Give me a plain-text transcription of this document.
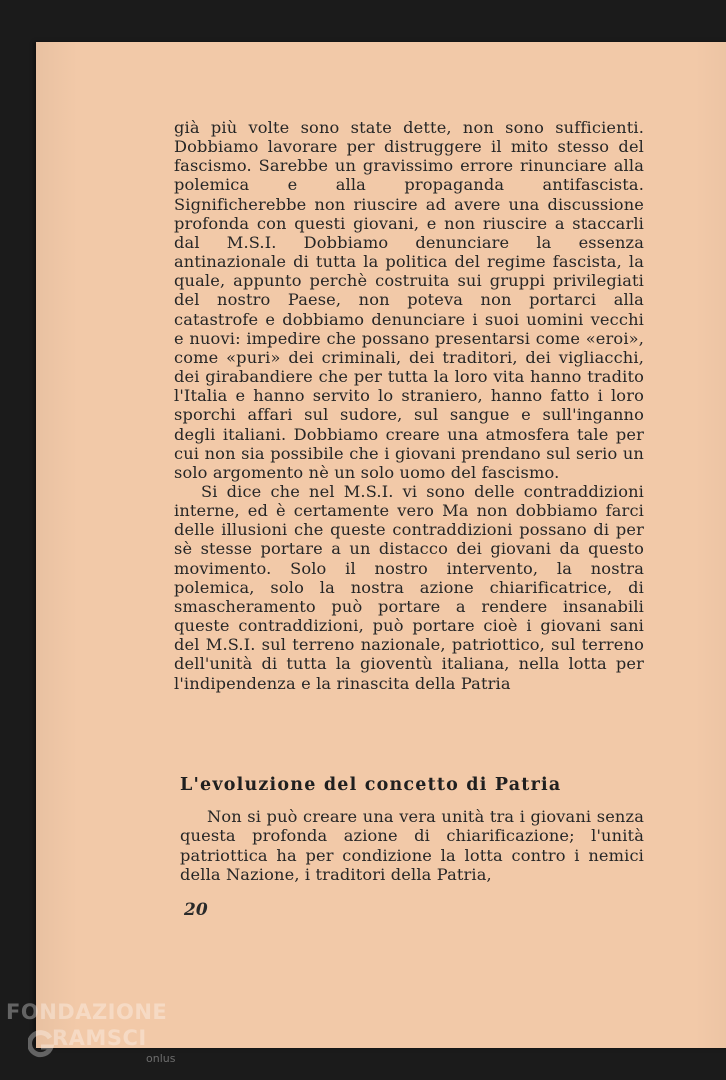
già più volte sono state dette, non sono sufficienti. Dobbiamo lavorare per distruggere il mito stesso del fascismo. Sarebbe un gravissimo errore rinunciare alla polemica e alla propaganda antifascista. Significherebbe non riuscire ad avere una discussione profonda con questi giovani, e non riuscire a staccarli dal M.S.I. Dobbiamo denunciare la essenza antinazionale di tutta la politica del regime fascista, la quale, appunto perchè costruita sui gruppi privilegiati del nostro Paese, non poteva non portarci alla catastrofe e dobbiamo denunciare i suoi uomini vecchi e nuovi: impedire che possano presentarsi come «eroi», come «puri» dei criminali, dei traditori, dei vigliacchi, dei girabandiere che per tutta la loro vita hanno tradito l'Italia e hanno servito lo straniero, hanno fatto i loro sporchi affari sul sudore, sul sangue e sull'inganno degli italiani. Dobbiamo creare una atmosfera tale per cui non sia possibile che i giovani prendano sul serio un solo argomento nè un solo uomo del fascismo.

Si dice che nel M.S.I. vi sono delle contraddizioni interne, ed è certamente vero Ma non dobbiamo farci delle illusioni che queste contraddizioni possano di per sè stesse portare a un distacco dei giovani da questo movimento. Solo il nostro intervento, la nostra polemica, solo la nostra azione chiarificatrice, di smascheramento può portare a rendere insanabili queste contraddizioni, può portare cioè i giovani sani del M.S.I. sul terreno nazionale, patriottico, sul terreno dell'unità di tutta la gioventù italiana, nella lotta per l'indipendenza e la rinascita della Patria

L'evoluzione del concetto di Patria

Non si può creare una vera unità tra i giovani senza questa profonda azione di chiarificazione; l'unità patriottica ha per condizione la lotta contro i nemici della Nazione, i traditori della Patria,

20
FONDAZIONE
RAMSCI
onlus
